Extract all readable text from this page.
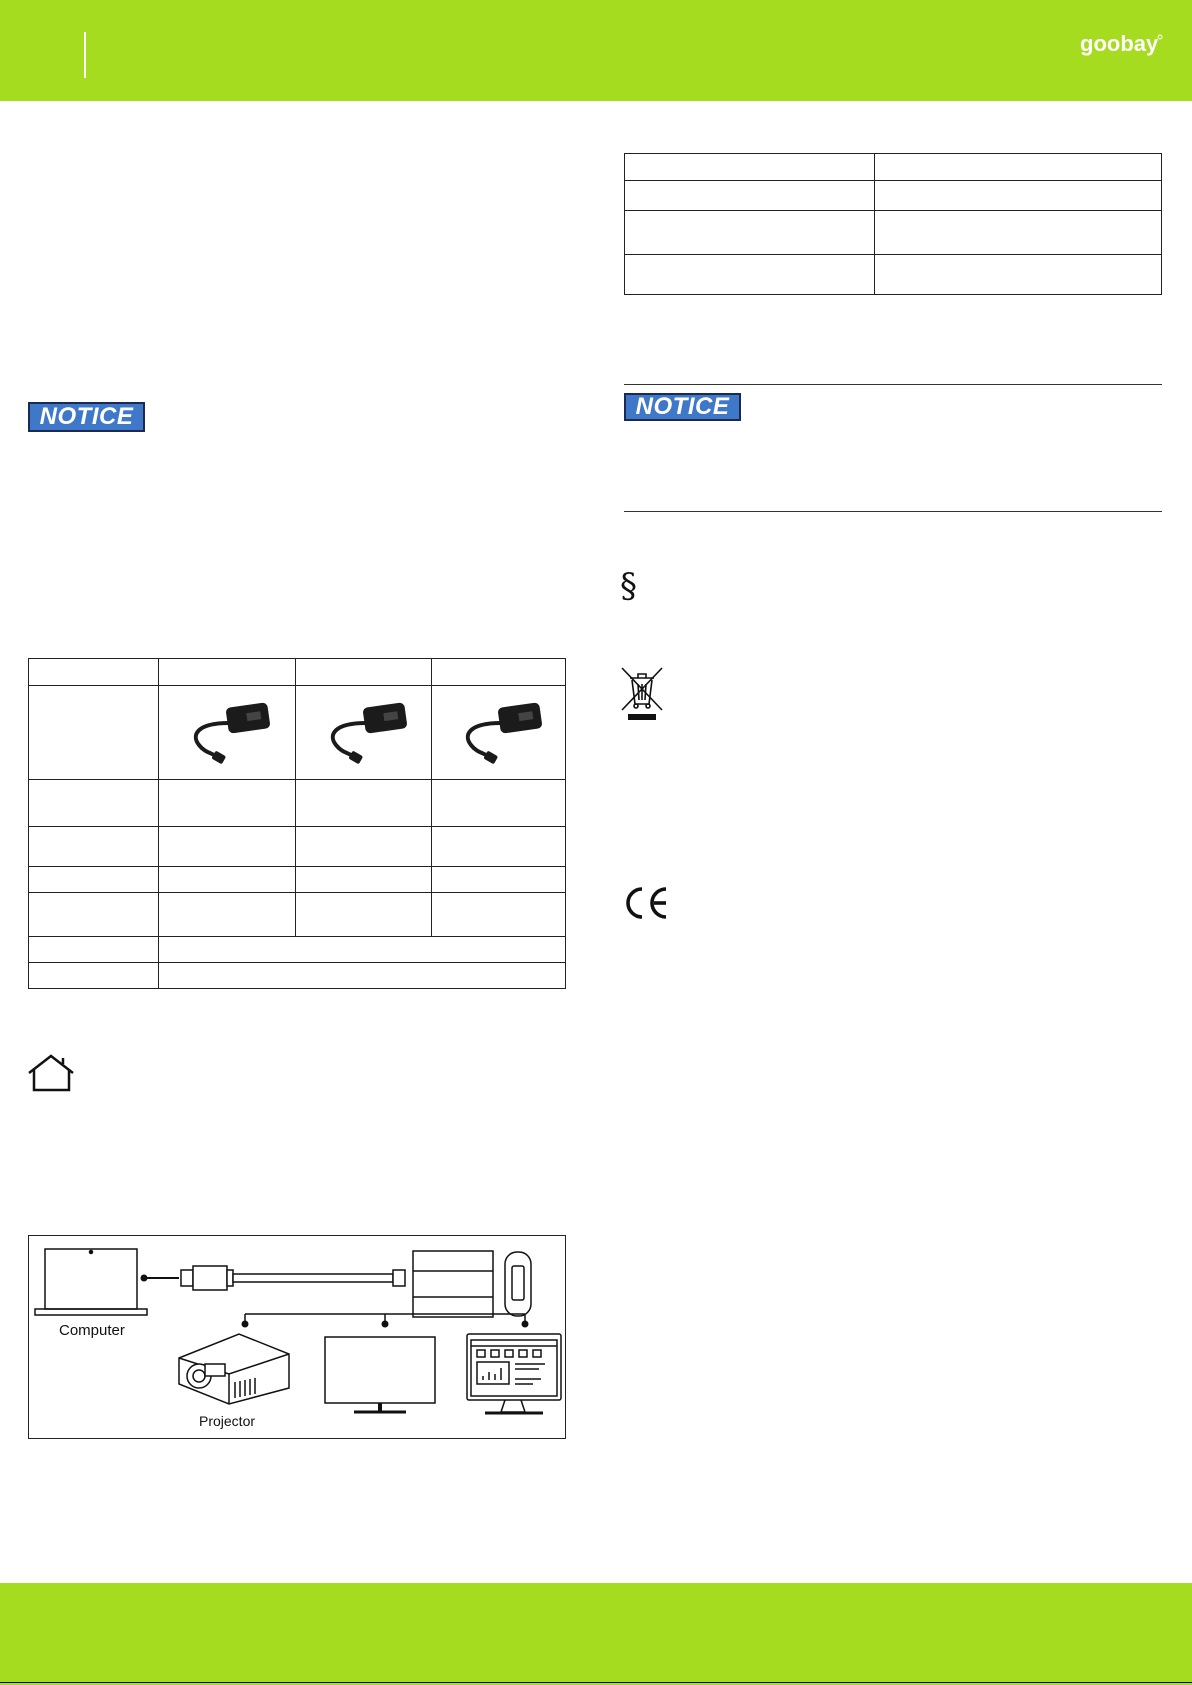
goobay
NOTICE

Computer
Projector

NOTICE
§
